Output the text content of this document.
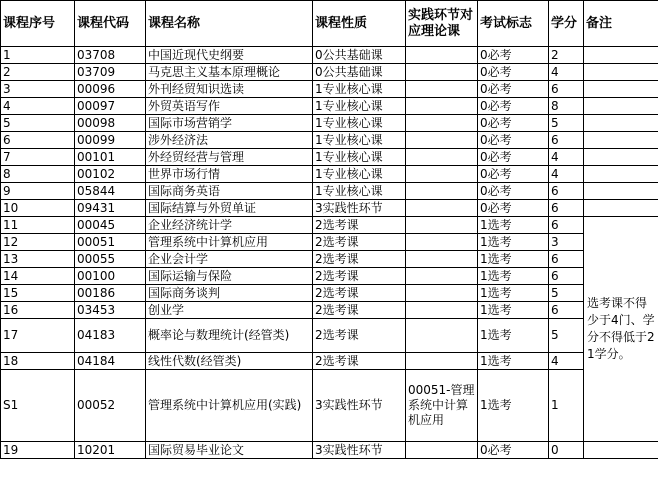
课程序号	课程代码	课程名称	课程性质	实践环节对应理论课	考试标志	学分	备注	
1	03708	中国近现代史纲要	0公共基础课		0必考	2		
2	03709	马克思主义基本原理概论	0公共基础课		0必考	4		
3	00096	外刊经贸知识选读	1专业核心课		0必考	6		
4	00097	外贸英语写作	1专业核心课		0必考	8		
5	00098	国际市场营销学	1专业核心课		0必考	5		
6	00099	涉外经济法	1专业核心课		0必考	6		
7	00101	外经贸经营与管理	1专业核心课		0必考	4		
8	00102	世界市场行情	1专业核心课		0必考	4		
9	05844	国际商务英语	1专业核心课		0必考	6		
10	09431	国际结算与外贸单证	3实践性环节		0必考	6		
11	00045	企业经济统计学	2选考课		1选考	6	选考课不得少于4门、学分不得低于21学分。	
12	00051	管理系统中计算机应用	2选考课		1选考	3		
13	00055	企业会计学	2选考课		1选考	6		
14	00100	国际运输与保险	2选考课		1选考	6		
15	00186	国际商务谈判	2选考课		1选考	5		
16	03453	创业学	2选考课		1选考	6		
17	04183	概率论与数理统计(经管类)	2选考课		1选考	5		
18	04184	线性代数(经管类)	2选考课		1选考	4		
S1	00052	管理系统中计算机应用(实践)	3实践性环节	00051-管理系统中计算机应用	1选考	1		
19	10201	国际贸易毕业论文	3实践性环节		0必考	0		
